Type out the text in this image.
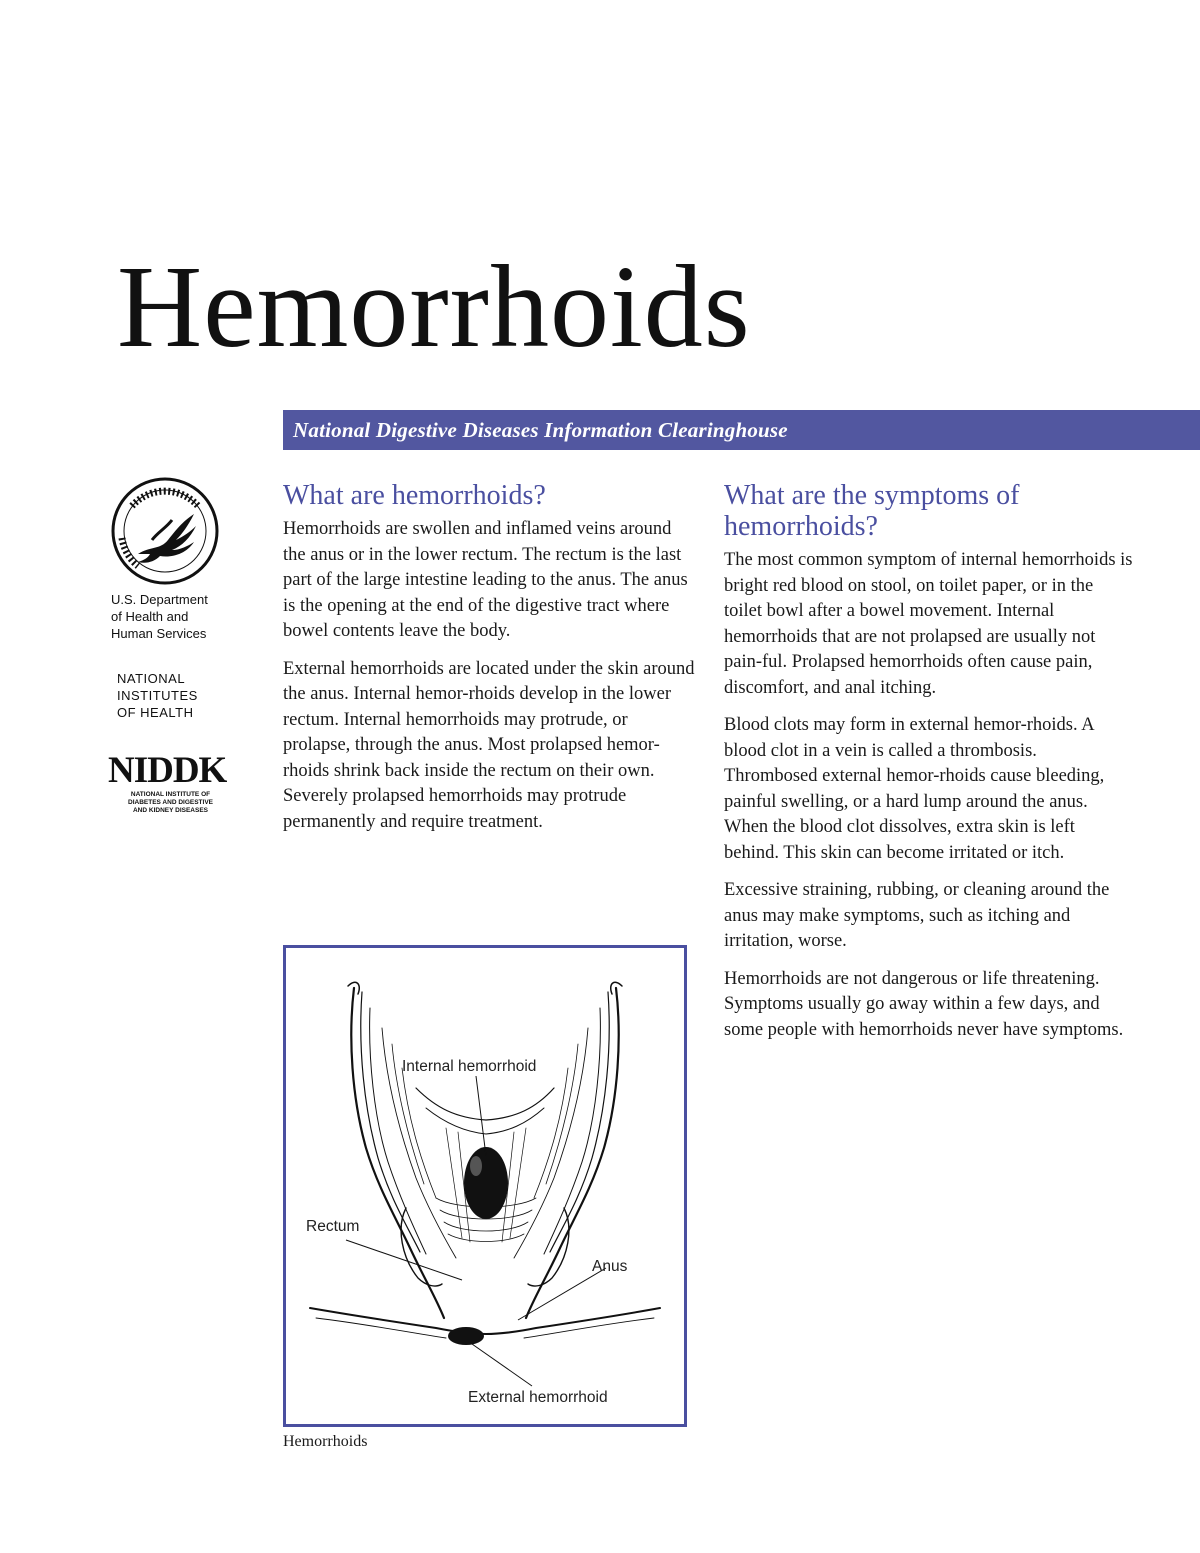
Hemorrhoids
National Digestive Diseases Information Clearinghouse
U.S. Department
of Health and
Human Services
NATIONAL
INSTITUTES
OF HEALTH
NIDDK
NATIONAL INSTITUTE OF
DIABETES AND DIGESTIVE
AND KIDNEY DISEASES
What are hemorrhoids?

Hemorrhoids are swollen and inflamed veins around the anus or in the lower rectum. The rectum is the last part of the large intestine leading to the anus. The anus is the opening at the end of the digestive tract where bowel contents leave the body.

External hemorrhoids are located under the skin around the anus. Internal hemor-rhoids develop in the lower rectum. Internal hemorrhoids may protrude, or prolapse, through the anus. Most prolapsed hemor-rhoids shrink back inside the rectum on their own. Severely prolapsed hemorrhoids may protrude permanently and require treatment.

What are the symptoms of hemorrhoids?

The most common symptom of internal hemorrhoids is bright red blood on stool, on toilet paper, or in the toilet bowl after a bowel movement. Internal hemorrhoids that are not prolapsed are usually not pain-ful. Prolapsed hemorrhoids often cause pain, discomfort, and anal itching.

Blood clots may form in external hemor-rhoids. A blood clot in a vein is called a thrombosis. Thrombosed external hemor-rhoids cause bleeding, painful swelling, or a hard lump around the anus. When the blood clot dissolves, extra skin is left behind. This skin can become irritated or itch.

Excessive straining, rubbing, or cleaning around the anus may make symptoms, such as itching and irritation, worse.

Hemorrhoids are not dangerous or life threatening. Symptoms usually go away within a few days, and some people with hemorrhoids never have symptoms.

Internal hemorrhoid
Rectum
Anus
External hemorrhoid
Hemorrhoids
